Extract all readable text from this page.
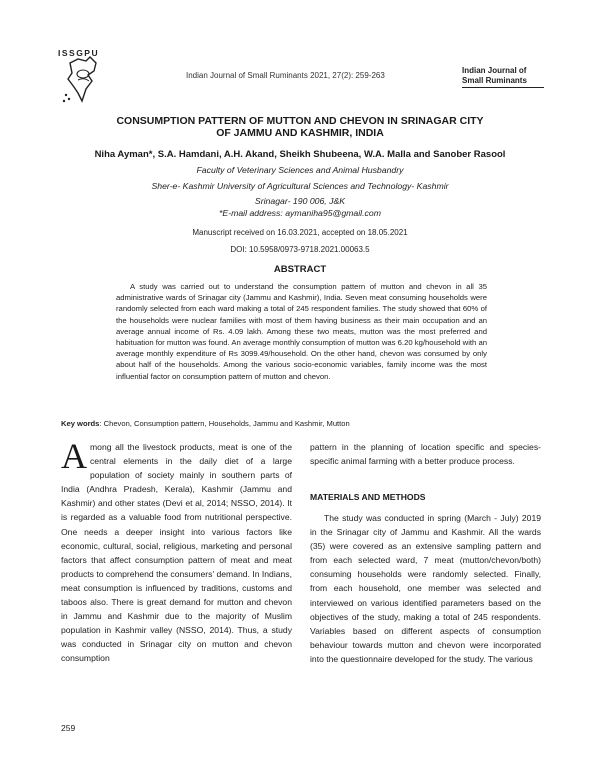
ISSGPU
Indian Journal of Small Ruminants 2021, 27(2): 259-263
Indian Journal of
Small Ruminants
CONSUMPTION PATTERN OF MUTTON AND CHEVON IN SRINAGAR CITY
OF JAMMU AND KASHMIR, INDIA
Niha Ayman*, S.A. Hamdani, A.H. Akand, Sheikh Shubeena, W.A. Malla and Sanober Rasool
Faculty of Veterinary Sciences and Animal Husbandry
Sher-e- Kashmir University of Agricultural Sciences and Technology- Kashmir
Srinagar- 190 006, J&K
*E-mail address: aymaniha95@gmail.com
Manuscript received on 16.03.2021, accepted on 18.05.2021
DOI: 10.5958/0973-9718.2021.00063.5
ABSTRACT

A study was carried out to understand the consumption pattern of mutton and chevon in all 35 administrative wards of Srinagar city (Jammu and Kashmir), India. Seven meat consuming households were randomly selected from each ward making a total of 245 respondent families. The study showed that 60% of the households were nuclear families with most of them having business as their main occupation and an average annual income of Rs. 4.09 lakh. Among these two meats, mutton was the most preferred and habituation for mutton was found. An average monthly consumption of mutton was 6.20 kg/household with an average monthly expenditure of Rs 3099.49/household. On the other hand, chevon was consumed by only about half of the households. Among the various socio-economic variables, family income was the most influential factor on consumption pattern of mutton and chevon.

Key words: Chevon, Consumption pattern, Households, Jammu and Kashmir, Mutton

Among all the livestock products, meat is one of the central elements in the daily diet of a large population of society mainly in southern parts of India (Andhra Pradesh, Kerala), Kashmir (Jammu and Kashmir) and other states (Devi et al, 2014; NSSO, 2014). It is regarded as a valuable food from nutritional perspective. One needs a deeper insight into various factors like economic, cultural, social, religious, marketing and personal factors that affect consumption pattern of meat and meat products to comprehend the consumers' demand. In Indians, meat consumption is influenced by traditions, customs and taboos also. There is great demand for mutton and chevon in Jammu and Kashmir due to the majority of Muslim population in Kashmir valley (NSSO, 2014). Thus, a study was conducted in Srinagar city on mutton and chevon consumption

pattern in the planning of location specific and species-specific animal farming with a better produce process.

MATERIALS AND METHODS

The study was conducted in spring (March - July) 2019 in the Srinagar city of Jammu and Kashmir. All the wards (35) were covered as an extensive sampling pattern and from each selected ward, 7 meat (mutton/chevon/both) consuming households were randomly selected. Finally, from each household, one member was selected and interviewed on various identified parameters based on the objectives of the study, making a total of 245 respondents. Variables based on different aspects of consumption behaviour towards mutton and chevon were incorporated into the questionnaire developed for the study. The various

259
